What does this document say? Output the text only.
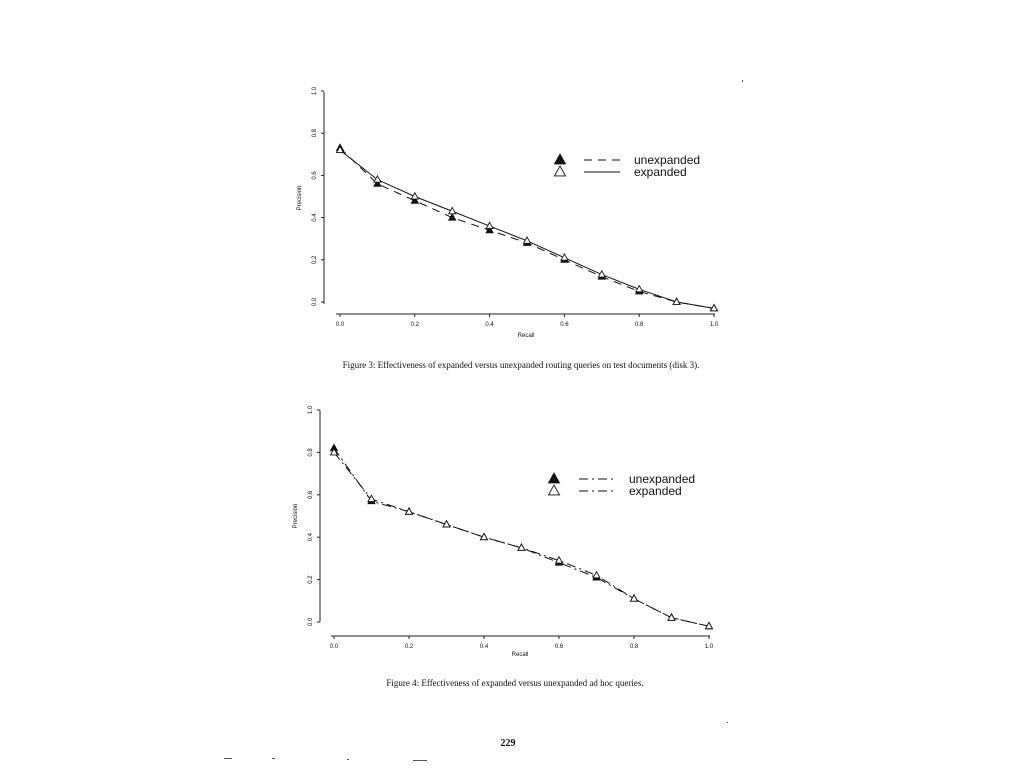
Precision
Recall
unexpanded
expanded
0.0
0.2
0.4
0.6
0.8
1.0
0.0	0.2	0.4	0.6	0.8	1.0
Figure 3: Effectiveness of expanded versus unexpanded routing queries on test documents (disk 3).
Precision
Recall
unexpanded
expanded
0.0
0.2
0.4
0.6
0.8
1.0
0.0	0.2	0.4	0.6	0.8	1.0
Figure 4: Effectiveness of expanded versus unexpanded ad hoc queries.
229
